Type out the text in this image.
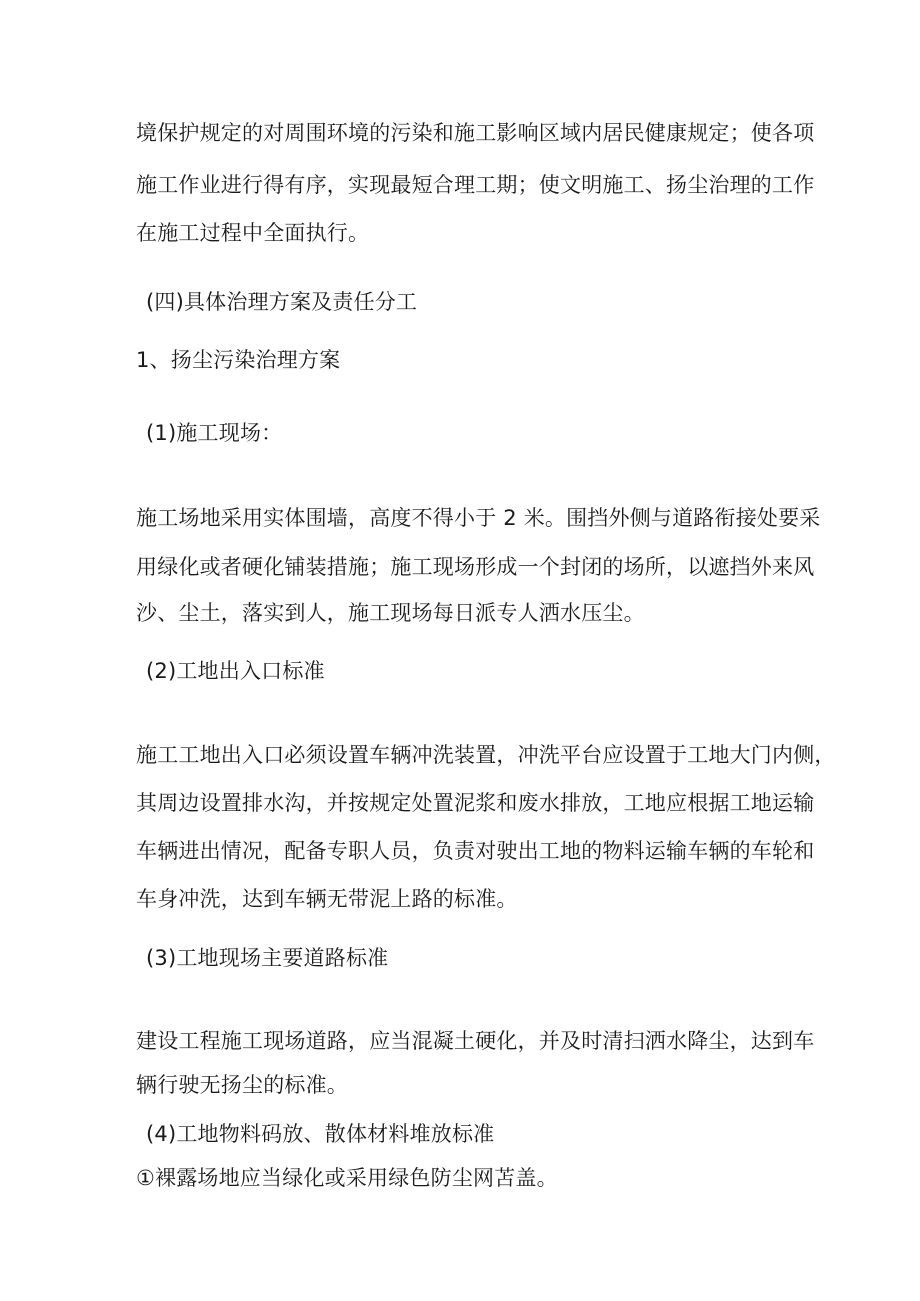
境保护规定的对周围环境的污染和施工影响区域内居民健康规定；使各项
施工作业进行得有序，实现最短合理工期；使文明施工、扬尘治理的工作
在施工过程中全面执行。
(四)具体治理方案及责任分工
1、扬尘污染治理方案
(1)施工现场：
施工场地采用实体围墙，高度不得小于 2 米。围挡外侧与道路衔接处要采
用绿化或者硬化铺装措施；施工现场形成一个封闭的场所，以遮挡外来风
沙、尘土，落实到人，施工现场每日派专人洒水压尘。
(2)工地出入口标准
施工工地出入口必须设置车辆冲洗装置，冲洗平台应设置于工地大门内侧，
其周边设置排水沟，并按规定处置泥浆和废水排放，工地应根据工地运输
车辆进出情况，配备专职人员，负责对驶出工地的物料运输车辆的车轮和
车身冲洗，达到车辆无带泥上路的标准。
(3)工地现场主要道路标准
建设工程施工现场道路，应当混凝土硬化，并及时清扫洒水降尘，达到车
辆行驶无扬尘的标准。
(4)工地物料码放、散体材料堆放标准
①裸露场地应当绿化或采用绿色防尘网苫盖。
